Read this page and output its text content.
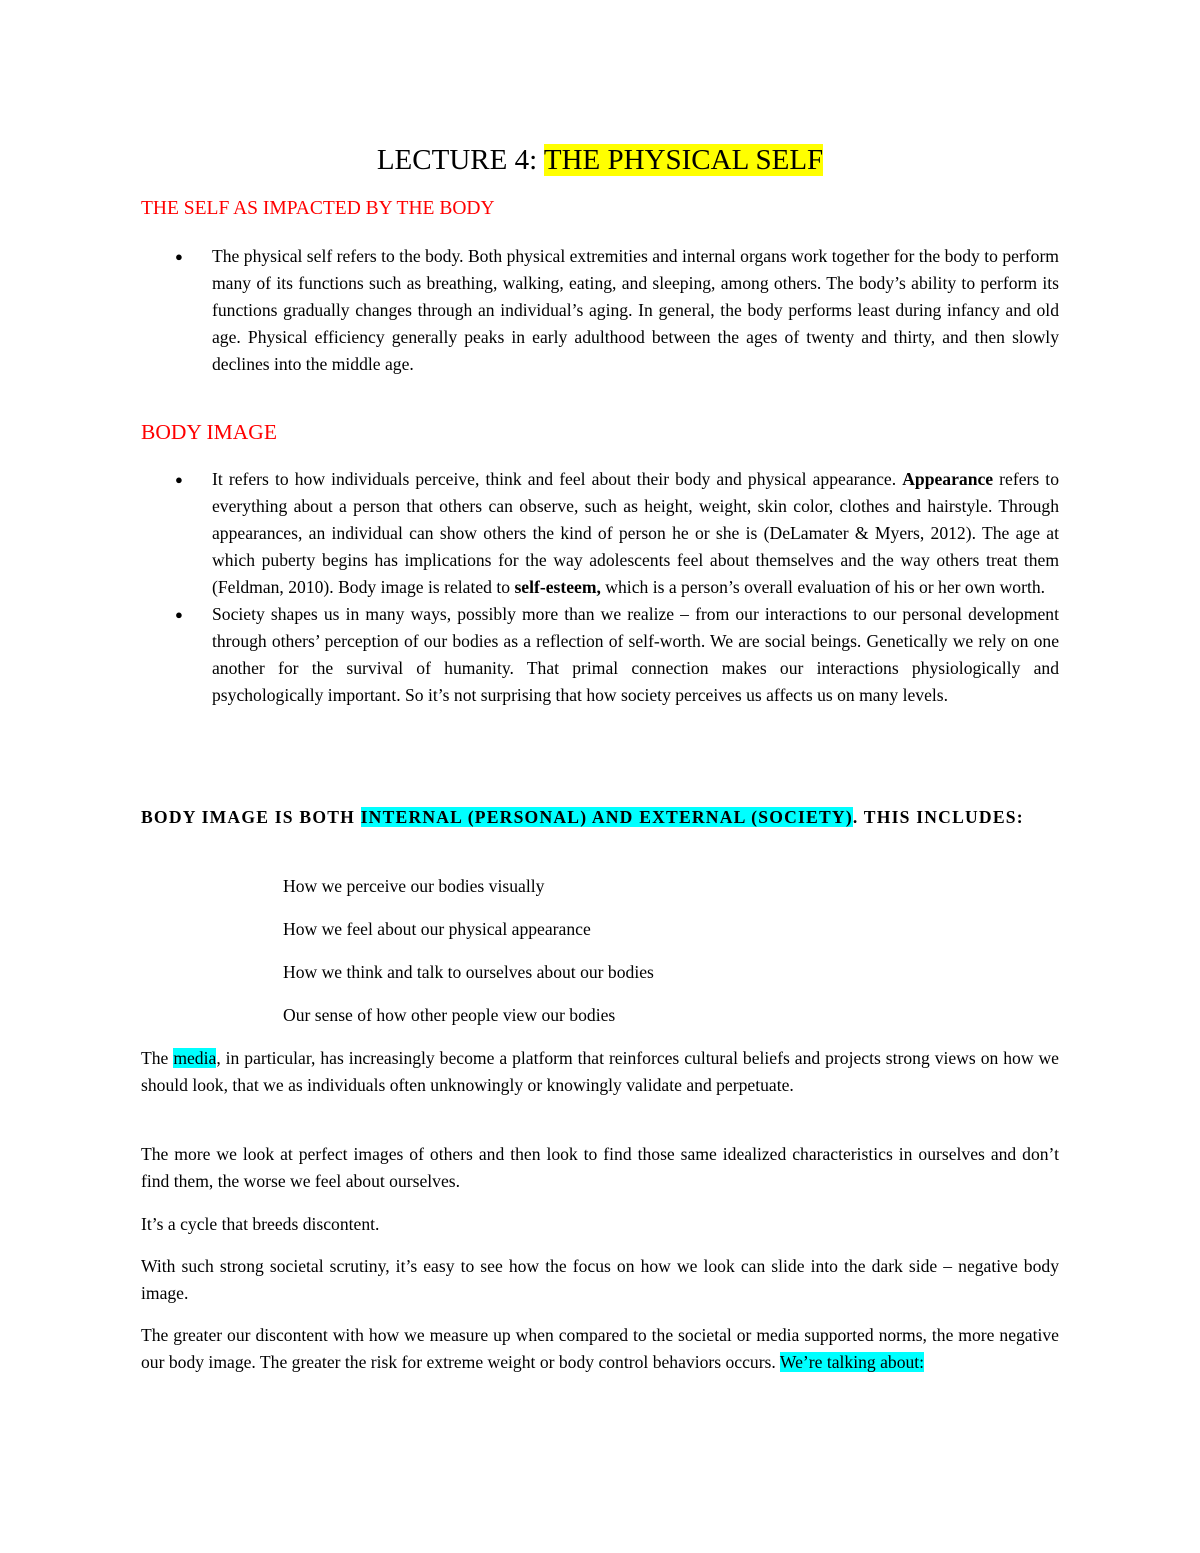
LECTURE 4: THE PHYSICAL SELF
THE SELF AS IMPACTED BY THE BODY
● The physical self refers to the body. Both physical extremities and internal organs work together for the body to perform many of its functions such as breathing, walking, eating, and sleeping, among others. The body’s ability to perform its functions gradually changes through an individual’s aging. In general, the body performs least during infancy and old age. Physical efficiency generally peaks in early adulthood between the ages of twenty and thirty, and then slowly declines into the middle age.
BODY IMAGE
● It refers to how individuals perceive, think and feel about their body and physical appearance. Appearance refers to everything about a person that others can observe, such as height, weight, skin color, clothes and hairstyle. Through appearances, an individual can show others the kind of person he or she is (DeLamater & Myers, 2012). The age at which puberty begins has implications for the way adolescents feel about themselves and the way others treat them (Feldman, 2010). Body image is related to self-esteem, which is a person’s overall evaluation of his or her own worth.
● Society shapes us in many ways, possibly more than we realize – from our interactions to our personal development through others’ perception of our bodies as a reflection of self-worth. We are social beings. Genetically we rely on one another for the survival of humanity. That primal connection makes our interactions physiologically and psychologically important. So it’s not surprising that how society perceives us affects us on many levels.
BODY IMAGE IS BOTH INTERNAL (PERSONAL) AND EXTERNAL (SOCIETY). THIS INCLUDES:
How we perceive our bodies visually
How we feel about our physical appearance
How we think and talk to ourselves about our bodies
Our sense of how other people view our bodies
The media, in particular, has increasingly become a platform that reinforces cultural beliefs and projects strong views on how we should look, that we as individuals often unknowingly or knowingly validate and perpetuate.
The more we look at perfect images of others and then look to find those same idealized characteristics in ourselves and don’t find them, the worse we feel about ourselves.
It’s a cycle that breeds discontent.
With such strong societal scrutiny, it’s easy to see how the focus on how we look can slide into the dark side – negative body image.
The greater our discontent with how we measure up when compared to the societal or media supported norms, the more negative our body image. The greater the risk for extreme weight or body control behaviors occurs. We’re talking about:
